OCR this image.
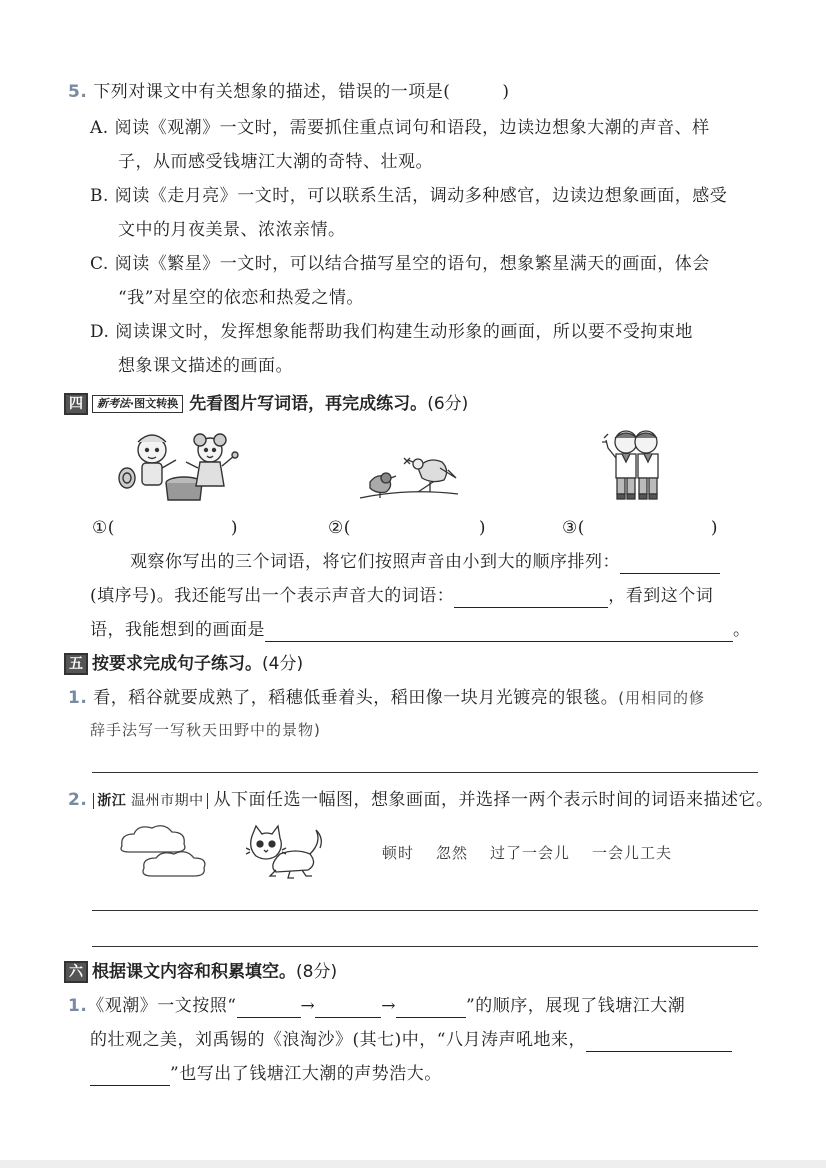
5. 下列对课文中有关想象的描述，错误的一项是(	)
A. 阅读《观潮》一文时，需要抓住重点词句和语段，边读边想象大潮的声音、样
子，从而感受钱塘江大潮的奇特、壮观。
B. 阅读《走月亮》一文时，可以联系生活，调动多种感官，边读边想象画面，感受
文中的月夜美景、浓浓亲情。
C. 阅读《繁星》一文时，可以结合描写星空的语句，想象繁星满天的画面，体会
“我”对星空的依恋和热爱之情。
D. 阅读课文时，发挥想象能帮助我们构建生动形象的画面，所以要不受拘束地
想象课文描述的画面。
四 新考法·图文转换 先看图片写词语，再完成练习。(6分)
①(	)	②(	)	③(	)
观察你写出的三个词语，将它们按照声音由小到大的顺序排列：
(填序号)。我还能写出一个表示声音大的词语：	，看到这个词
语，我能想到的画面是	。
五 按要求完成句子练习。(4分)
1. 看，稻谷就要成熟了，稻穗低垂着头，稻田像一块月光镀亮的银毯。(用相同的修
辞手法写一写秋天田野中的景物)
2. 浙江 温州市期中 从下面任选一幅图，想象画面，并选择一两个表示时间的词语来描述它。
顿时 忽然 过了一会儿 一会儿工夫
六 根据课文内容和积累填空。(8分)
1.《观潮》一文按照“	→	→	”的顺序，展现了钱塘江大潮
的壮观之美，刘禹锡的《浪淘沙》(其七)中，“八月涛声吼地来，
”也写出了钱塘江大潮的声势浩大。
